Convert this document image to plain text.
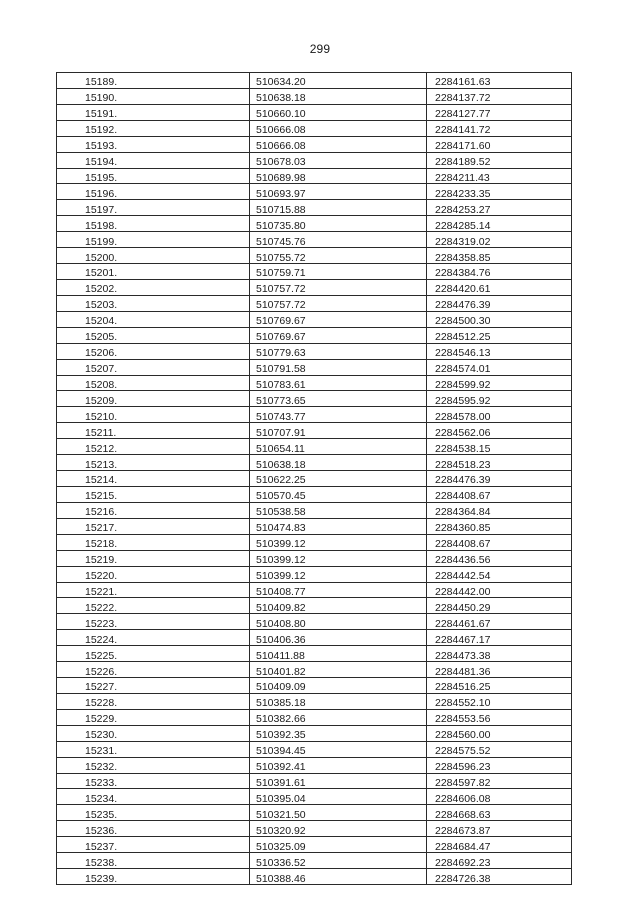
299
15189.	510634.20	2284161.63
15190.	510638.18	2284137.72
15191.	510660.10	2284127.77
15192.	510666.08	2284141.72
15193.	510666.08	2284171.60
15194.	510678.03	2284189.52
15195.	510689.98	2284211.43
15196.	510693.97	2284233.35
15197.	510715.88	2284253.27
15198.	510735.80	2284285.14
15199.	510745.76	2284319.02
15200.	510755.72	2284358.85
15201.	510759.71	2284384.76
15202.	510757.72	2284420.61
15203.	510757.72	2284476.39
15204.	510769.67	2284500.30
15205.	510769.67	2284512.25
15206.	510779.63	2284546.13
15207.	510791.58	2284574.01
15208.	510783.61	2284599.92
15209.	510773.65	2284595.92
15210.	510743.77	2284578.00
15211.	510707.91	2284562.06
15212.	510654.11	2284538.15
15213.	510638.18	2284518.23
15214.	510622.25	2284476.39
15215.	510570.45	2284408.67
15216.	510538.58	2284364.84
15217.	510474.83	2284360.85
15218.	510399.12	2284408.67
15219.	510399.12	2284436.56
15220.	510399.12	2284442.54
15221.	510408.77	2284442.00
15222.	510409.82	2284450.29
15223.	510408.80	2284461.67
15224.	510406.36	2284467.17
15225.	510411.88	2284473.38
15226.	510401.82	2284481.36
15227.	510409.09	2284516.25
15228.	510385.18	2284552.10
15229.	510382.66	2284553.56
15230.	510392.35	2284560.00
15231.	510394.45	2284575.52
15232.	510392.41	2284596.23
15233.	510391.61	2284597.82
15234.	510395.04	2284606.08
15235.	510321.50	2284668.63
15236.	510320.92	2284673.87
15237.	510325.09	2284684.47
15238.	510336.52	2284692.23
15239.	510388.46	2284726.38
